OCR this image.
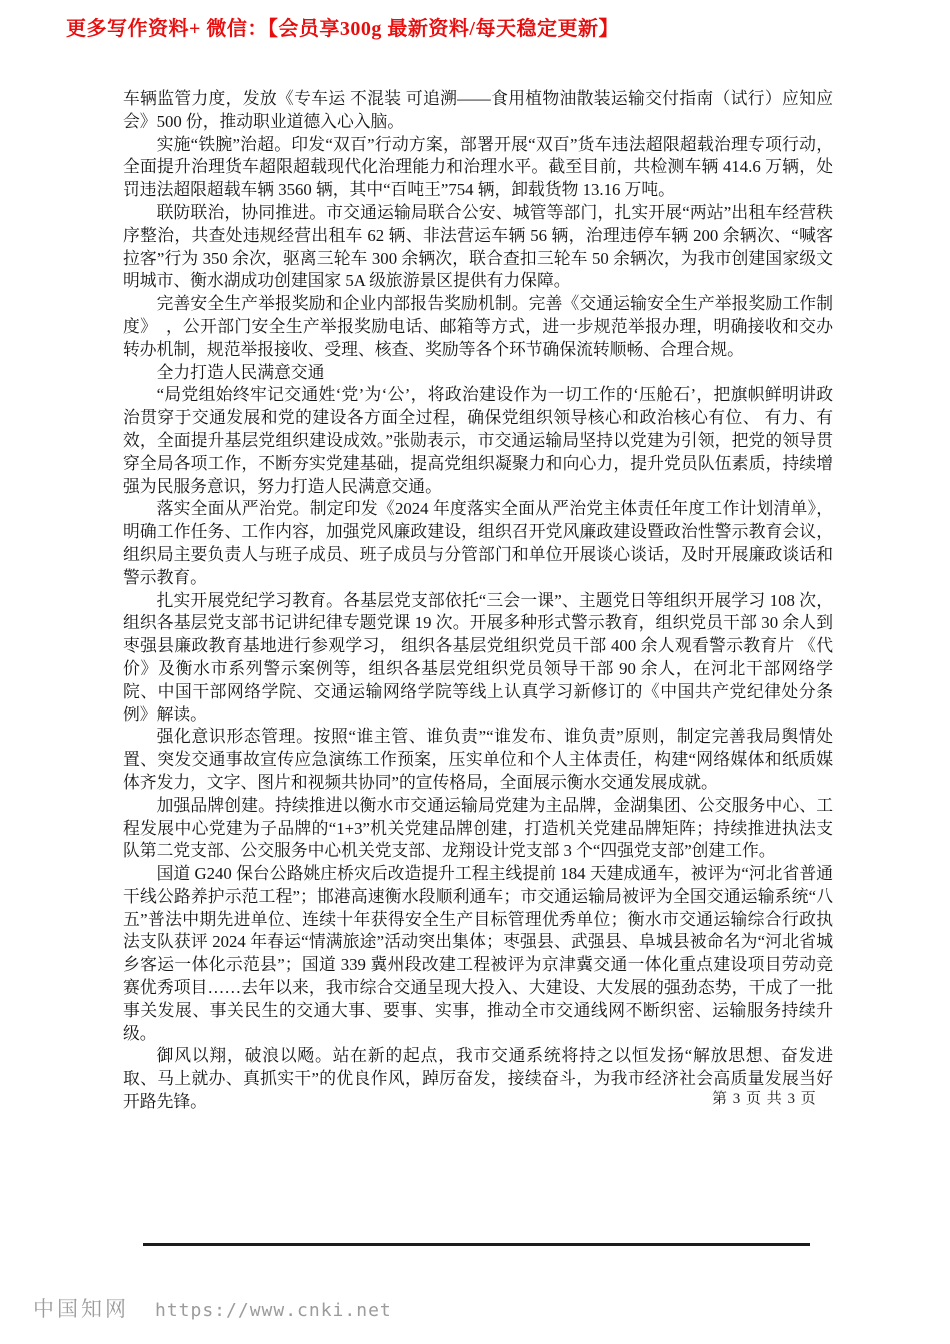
更多写作资料+ 微信：【会员享300g 最新资料/每天稳定更新】

车辆监管力度，发放《专车运 不混装 可追溯——食用植物油散装运输交付指南（试行）应知应会》500 份，推动职业道德入心入脑。

实施“铁腕”治超。印发“双百”行动方案，部署开展“双百”货车违法超限超载治理专项行动，全面提升治理货车超限超载现代化治理能力和治理水平。截至目前，共检测车辆 414.6 万辆，处罚违法超限超载车辆 3560 辆，其中“百吨王”754 辆，卸载货物 13.16 万吨。

联防联治，协同推进。市交通运输局联合公安、城管等部门，扎实开展“两站”出租车经营秩序整治，共查处违规经营出租车 62 辆、非法营运车辆 56 辆，治理违停车辆 200 余辆次、“喊客拉客”行为 350 余次，驱离三轮车 300 余辆次，联合查扣三轮车 50 余辆次，为我市创建国家级文明城市、衡水湖成功创建国家 5A 级旅游景区提供有力保障。

完善安全生产举报奖励和企业内部报告奖励机制。完善《交通运输安全生产举报奖励工作制度》　，公开部门安全生产举报奖励电话、邮箱等方式，进一步规范举报办理，明确接收和交办转办机制，规范举报接收、受理、核查、奖励等各个环节确保流转顺畅、合理合规。

全力打造人民满意交通

“局党组始终牢记交通姓‘党’为‘公’，将政治建设作为一切工作的‘压舱石’，把旗帜鲜明讲政治贯穿于交通发展和党的建设各方面全过程，确保党组织领导核心和政治核心有位、 有力、有效，全面提升基层党组织建设成效。”张勋表示，市交通运输局坚持以党建为引领，把党的领导贯穿全局各项工作，不断夯实党建基础，提高党组织凝聚力和向心力，提升党员队伍素质，持续增强为民服务意识，努力打造人民满意交通。

落实全面从严治党。制定印发《2024 年度落实全面从严治党主体责任年度工作计划清单》，明确工作任务、工作内容，加强党风廉政建设，组织召开党风廉政建设暨政治性警示教育会议，组织局主要负责人与班子成员、班子成员与分管部门和单位开展谈心谈话，及时开展廉政谈话和警示教育。

扎实开展党纪学习教育。各基层党支部依托“三会一课”、主题党日等组织开展学习 108 次，组织各基层党支部书记讲纪律专题党课 19 次。开展多种形式警示教育，组织党员干部 30 余人到枣强县廉政教育基地进行参观学习， 组织各基层党组织党员干部 400 余人观看警示教育片 《代价》及衡水市系列警示案例等，组织各基层党组织党员领导干部 90 余人，在河北干部网络学院、中国干部网络学院、交通运输网络学院等线上认真学习新修订的《中国共产党纪律处分条例》解读。

强化意识形态管理。按照“谁主管、谁负责”“谁发布、谁负责”原则，制定完善我局舆情处置、突发交通事故宣传应急演练工作预案，压实单位和个人主体责任，构建“网络媒体和纸质媒体齐发力，文字、图片和视频共协同”的宣传格局，全面展示衡水交通发展成就。

加强品牌创建。持续推进以衡水市交通运输局党建为主品牌，金湖集团、公交服务中心、工程发展中心党建为子品牌的“1+3”机关党建品牌创建，打造机关党建品牌矩阵；持续推进执法支队第二党支部、公交服务中心机关党支部、龙翔设计党支部 3 个“四强党支部”创建工作。

国道 G240 保台公路姚庄桥灾后改造提升工程主线提前 184 天建成通车，被评为“河北省普通干线公路养护示范工程”；邯港高速衡水段顺利通车；市交通运输局被评为全国交通运输系统“八五”普法中期先进单位、连续十年获得安全生产目标管理优秀单位；衡水市交通运输综合行政执法支队获评 2024 年春运“情满旅途”活动突出集体；枣强县、武强县、阜城县被命名为“河北省城乡客运一体化示范县”；国道 339 冀州段改建工程被评为京津冀交通一体化重点建设项目劳动竞赛优秀项目……去年以来，我市综合交通呈现大投入、大建设、大发展的强劲态势，干成了一批事关发展、事关民生的交通大事、要事、实事，推动全市交通线网不断织密、运输服务持续升级。

御风以翔，破浪以飏。站在新的起点，我市交通系统将持之以恒发扬“解放思想、奋发进取、马上就办、真抓实干”的优良作风，踔厉奋发，接续奋斗，为我市经济社会高质量发展当好开路先锋。	第 3 页 共 3 页
中国知网 https://www.cnki.net
